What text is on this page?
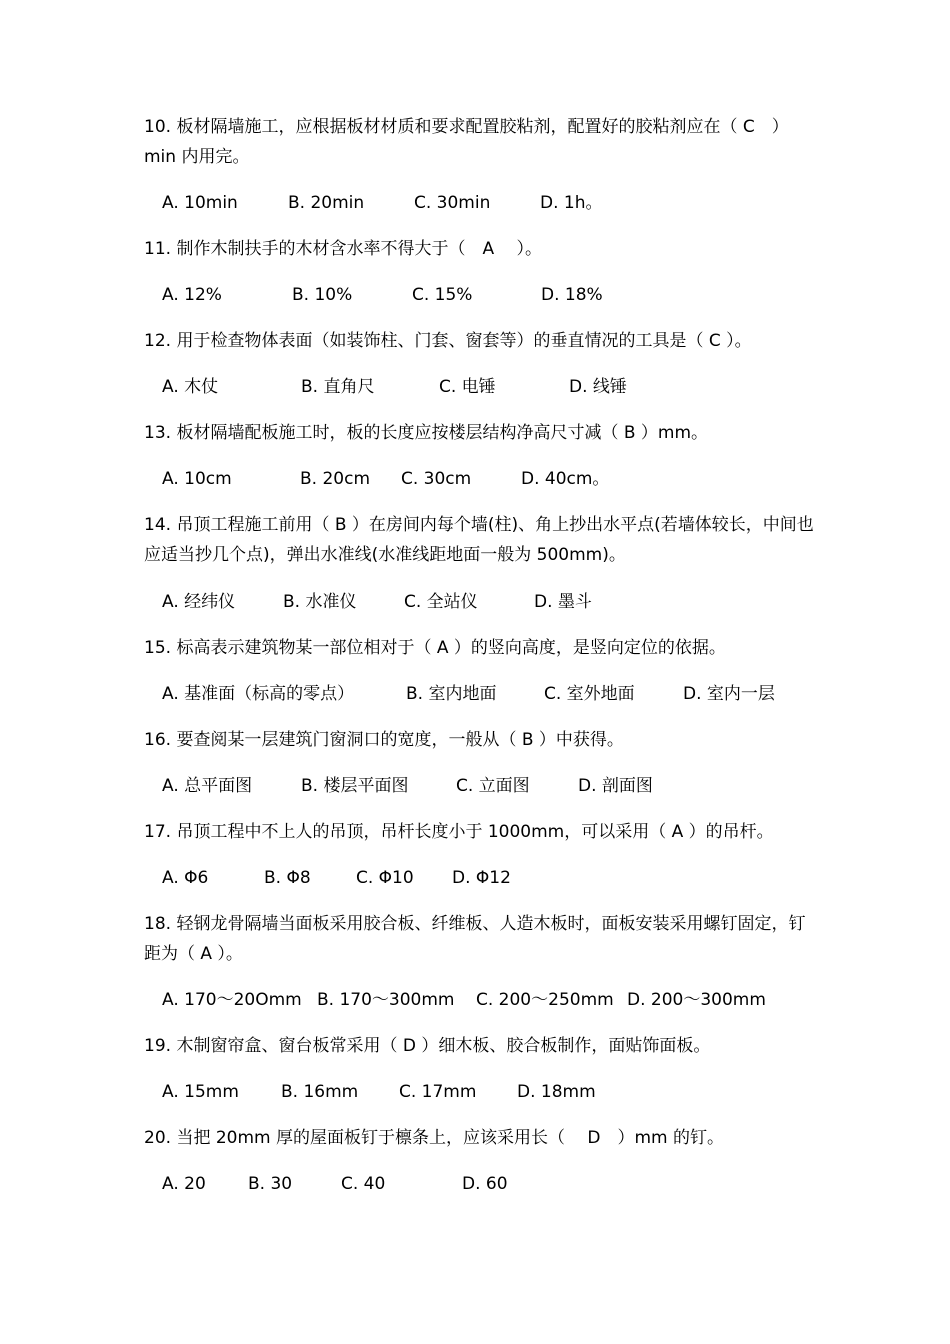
10. 板材隔墙施工，应根据板材材质和要求配置胶粘剂，配置好的胶粘剂应在（ C　）min 内用完。
A. 10min	B. 20min	C. 30min	D. 1h。
11. 制作木制扶手的木材含水率不得大于（　A　 ）。
A. 12%	B. 10%	C. 15%	D. 18%
12. 用于检查物体表面（如装饰柱、门套、窗套等）的垂直情况的工具是（ C ）。
A. 木仗	B. 直角尺	C. 电锤	D. 线锤
13. 板材隔墙配板施工时，板的长度应按楼层结构净高尺寸减（ B ）mm。
A. 10cm	B. 20cm C. 30cm	D. 40cm。
14. 吊顶工程施工前用（ B ）在房间内每个墙(柱)、角上抄出水平点(若墙体较长，中间也应适当抄几个点)，弹出水准线(水准线距地面一般为 500mm)。
A. 经纬仪	B. 水准仪	C. 全站仪	D. 墨斗
15. 标高表示建筑物某一部位相对于（ A ）的竖向高度，是竖向定位的依据。
A. 基准面（标高的零点）	B. 室内地面	C. 室外地面	D. 室内一层
16. 要查阅某一层建筑门窗洞口的宽度，一般从（ B ）中获得。
A. 总平面图	B. 楼层平面图	C. 立面图	D. 剖面图
17. 吊顶工程中不上人的吊顶，吊杆长度小于 1000mm，可以采用（ A ）的吊杆。
A. Φ6	B. Φ8	C. Φ10 D. Φ12
18. 轻钢龙骨隔墙当面板采用胶合板、纤维板、人造木板时，面板安装采用螺钉固定，钉距为（ A ）。
A. 170～20Omm B. 170～300mm C. 200～250mm D. 200～300mm
19. 木制窗帘盒、窗台板常采用（ D ）细木板、胶合板制作，面贴饰面板。
A. 15mm B. 16mm C. 17mm D. 18mm
20. 当把 20mm 厚的屋面板钉于檩条上，应该采用长（　 D　）mm 的钉。
A. 20 B. 30	C. 40	D. 60
